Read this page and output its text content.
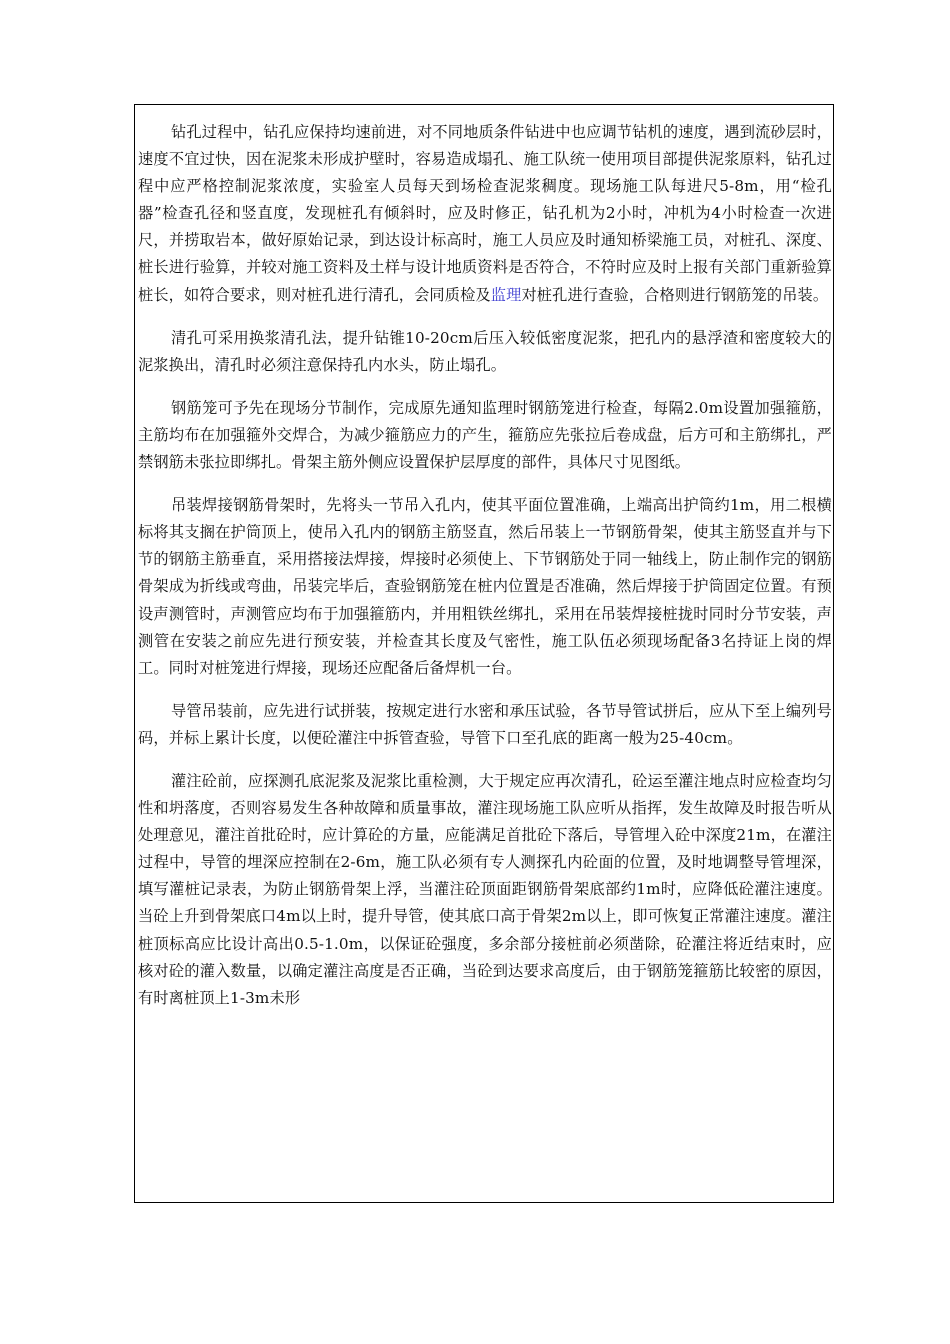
钻孔过程中，钻孔应保持均速前进，对不同地质条件钻进中也应调节钻机的速度，遇到流砂层时，速度不宜过快，因在泥浆未形成护壁时，容易造成塌孔、施工队统一使用项目部提供泥浆原料，钻孔过程中应严格控制泥浆浓度，实验室人员每天到场检查泥浆稠度。现场施工队每进尺5-8m，用“检孔器”检查孔径和竖直度，发现桩孔有倾斜时，应及时修正，钻孔机为2小时，冲机为4小时检查一次进尺，并捞取岩本，做好原始记录，到达设计标高时，施工人员应及时通知桥梁施工员，对桩孔、深度、桩长进行验算，并较对施工资料及土样与设计地质资料是否符合，不符时应及时上报有关部门重新验算桩长，如符合要求，则对桩孔进行清孔，会同质检及监理对桩孔进行查验，合格则进行钢筋笼的吊装。

清孔可采用换浆清孔法，提升钻锥10-20cm后压入较低密度泥浆，把孔内的悬浮渣和密度较大的泥浆换出，清孔时必须注意保持孔内水头，防止塌孔。

钢筋笼可予先在现场分节制作，完成原先通知监理时钢筋笼进行检查，每隔2.0m设置加强箍筋，主筋均布在加强箍外交焊合，为减少箍筋应力的产生，箍筋应先张拉后卷成盘，后方可和主筋绑扎，严禁钢筋未张拉即绑扎。骨架主筋外侧应设置保护层厚度的部件，具体尺寸见图纸。

吊装焊接钢筋骨架时，先将头一节吊入孔内，使其平面位置准确，上端高出护筒约1m，用二根横标将其支搁在护筒顶上，使吊入孔内的钢筋主筋竖直，然后吊装上一节钢筋骨架，使其主筋竖直并与下节的钢筋主筋垂直，采用搭接法焊接，焊接时必须使上、下节钢筋处于同一轴线上，防止制作完的钢筋骨架成为折线或弯曲，吊装完毕后，查验钢筋笼在桩内位置是否准确，然后焊接于护筒固定位置。有预设声测管时，声测管应均布于加强箍筋内，并用粗铁丝绑扎，采用在吊装焊接桩拢时同时分节安装，声测管在安装之前应先进行预安装，并检查其长度及气密性，施工队伍必须现场配备3名持证上岗的焊工。同时对桩笼进行焊接，现场还应配备后备焊机一台。

导管吊装前，应先进行试拼装，按规定进行水密和承压试验，各节导管试拼后，应从下至上编列号码，并标上累计长度，以便砼灌注中拆管查验，导管下口至孔底的距离一般为25-40cm。

灌注砼前，应探测孔底泥浆及泥浆比重检测，大于规定应再次清孔，砼运至灌注地点时应检查均匀性和坍落度，否则容易发生各种故障和质量事故，灌注现场施工队应听从指挥，发生故障及时报告听从处理意见，灌注首批砼时，应计算砼的方量，应能满足首批砼下落后，导管埋入砼中深度21m，在灌注过程中，导管的埋深应控制在2-6m，施工队必须有专人测探孔内砼面的位置，及时地调整导管埋深，填写灌桩记录表，为防止钢筋骨架上浮，当灌注砼顶面距钢筋骨架底部约1m时，应降低砼灌注速度。当砼上升到骨架底口4m以上时，提升导管，使其底口高于骨架2m以上，即可恢复正常灌注速度。灌注桩顶标高应比设计高出0.5-1.0m，以保证砼强度，多余部分接桩前必须凿除，砼灌注将近结束时，应核对砼的灌入数量，以确定灌注高度是否正确，当砼到达要求高度后，由于钢筋笼箍筋比较密的原因，有时离桩顶上1-3m未形
